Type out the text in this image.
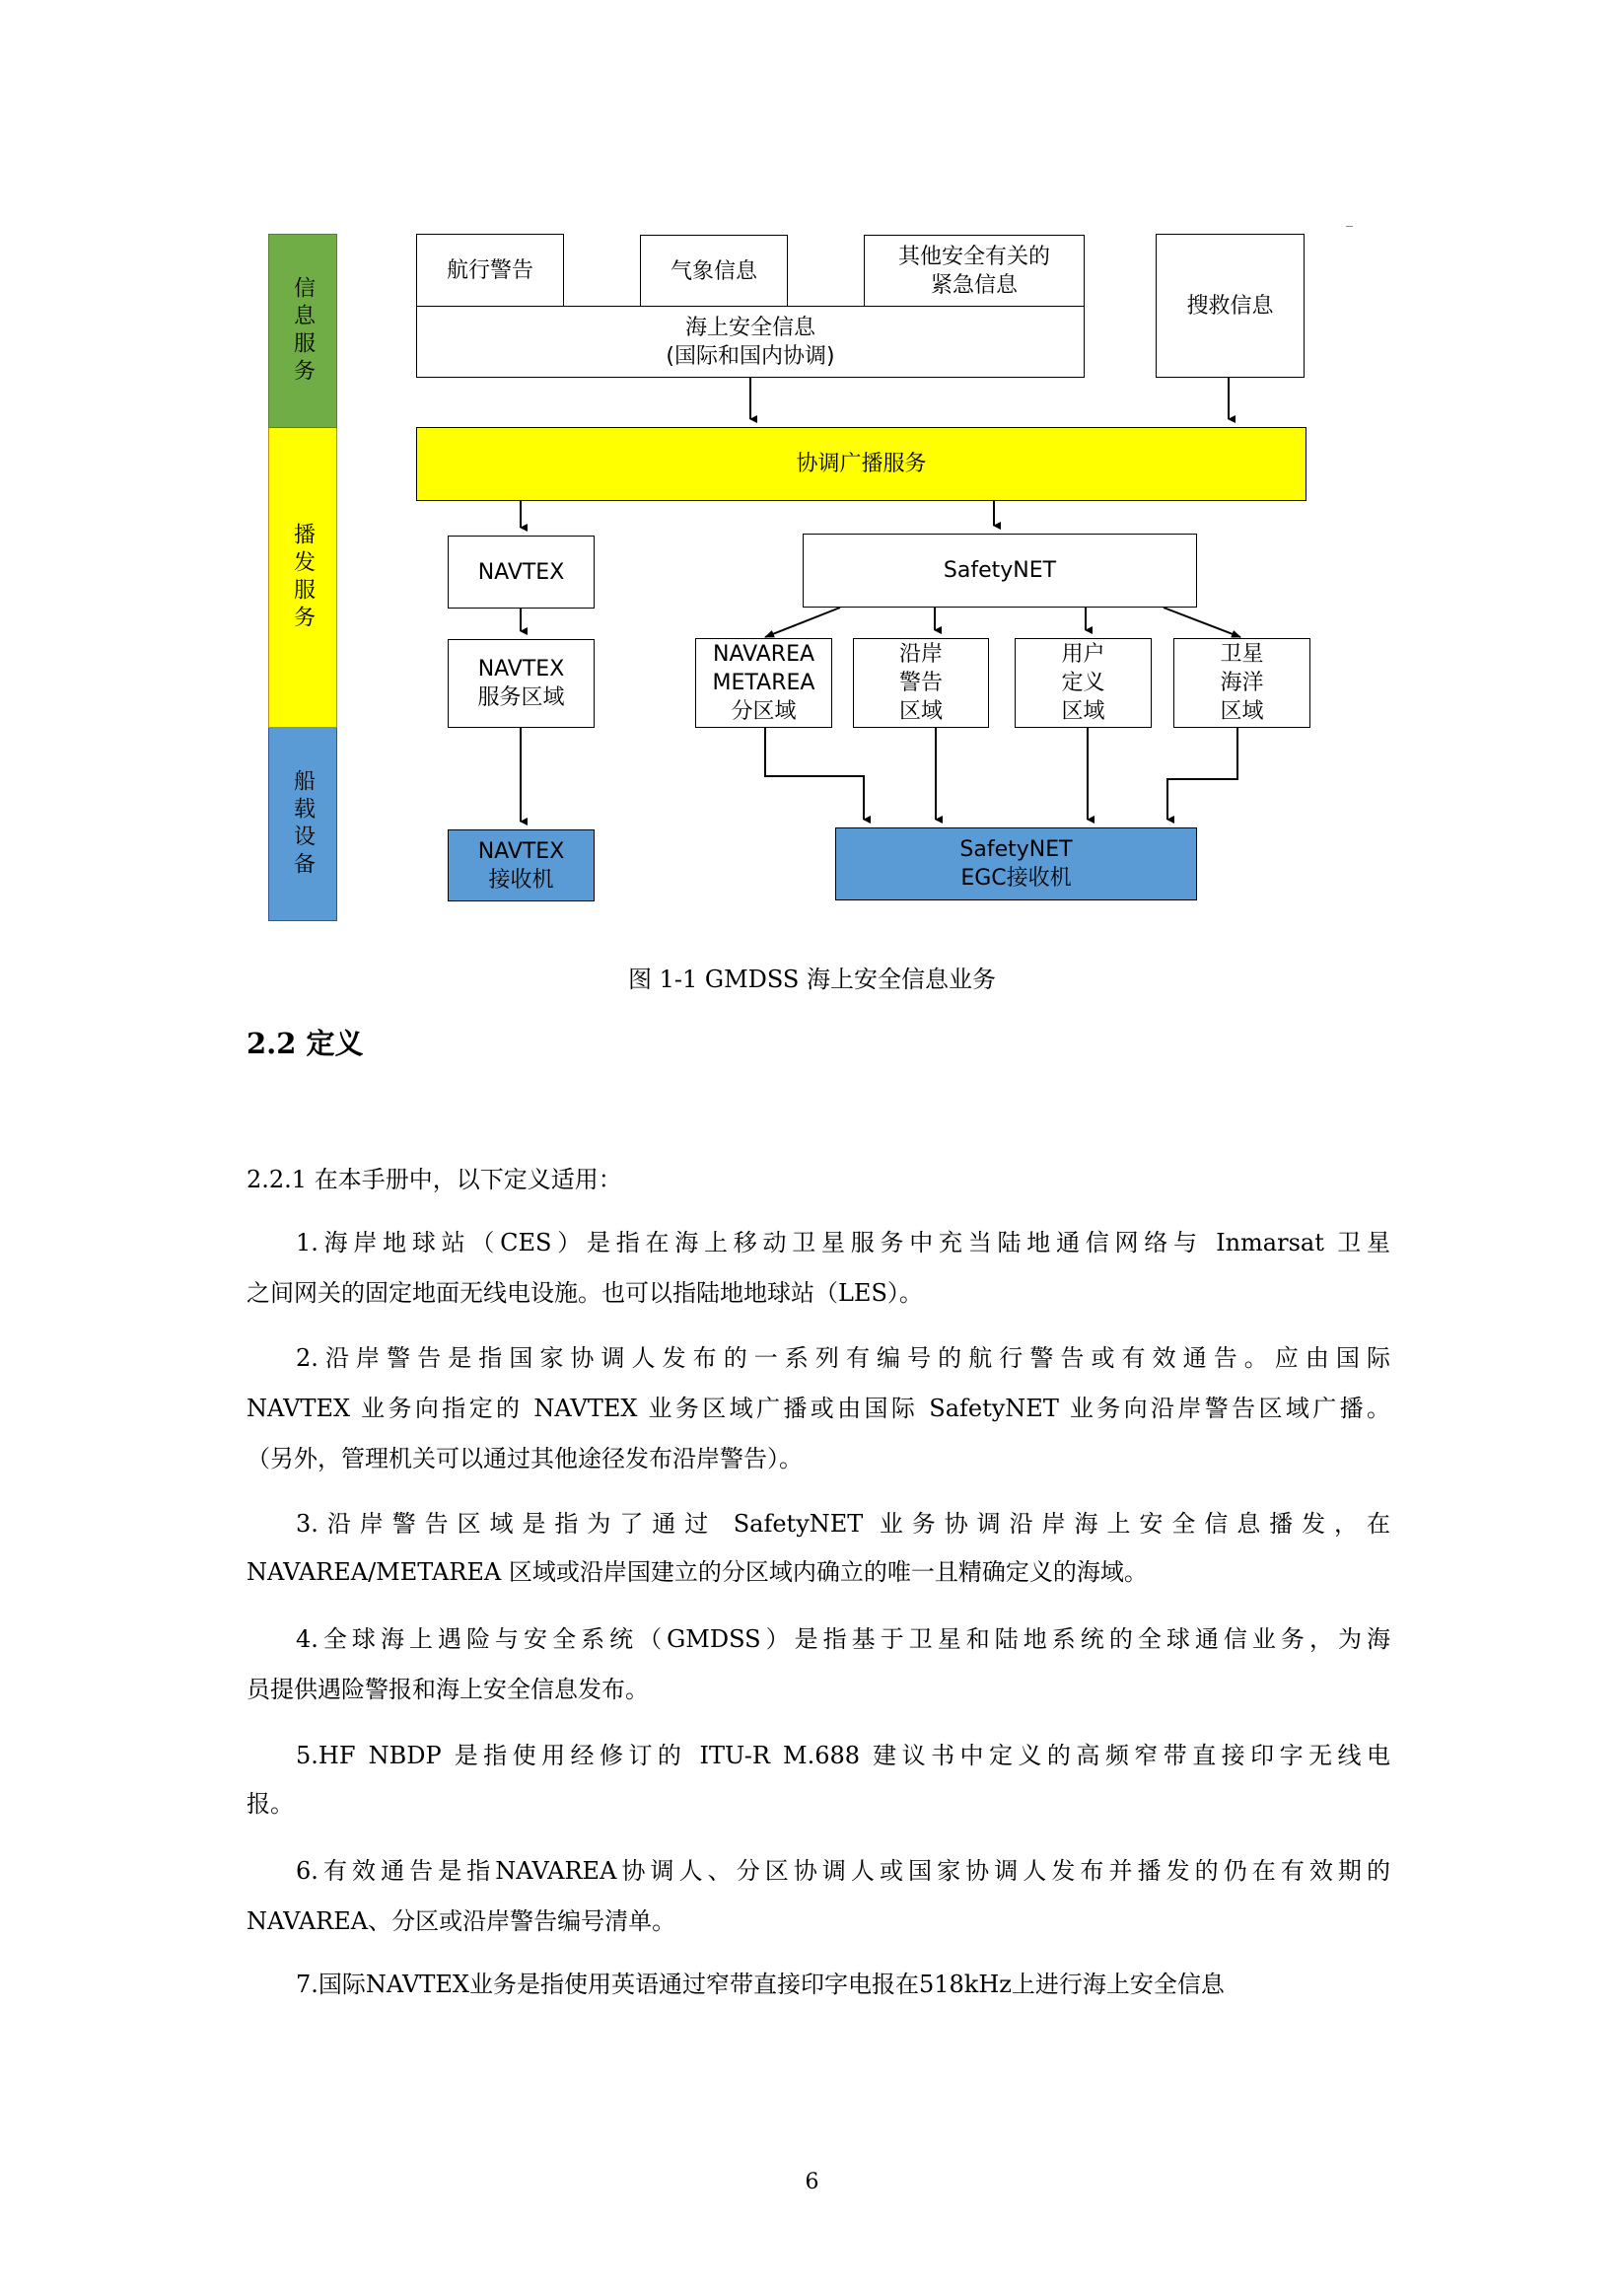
信息服务
播发服务
船载设备
航行警告	气象信息
其他安全有关的
紧急信息
海上安全信息
(国际和国内协调)
搜救信息
协调广播服务
NAVTEX	SafetyNET
NAVTEX
服务区域
NAVAREA
METAREA
分区域
沿岸
警告
区域
用户
定义
区域
卫星
海洋
区域
NAVTEX
接收机
SafetyNET
EGC接收机
图 1-1 GMDSS 海上安全信息业务
2.2 定义
2.2.1 在本手册中，以下定义适用：
1.海岸地球站（CES）是指在海上移动卫星服务中充当陆地通信网络与 Inmarsat 卫星
之间网关的固定地面无线电设施。也可以指陆地地球站（LES）。
2.沿岸警告是指国家协调人发布的一系列有编号的航行警告或有效通告。应由国际
NAVTEX 业务向指定的 NAVTEX 业务区域广播或由国际 SafetyNET 业务向沿岸警告区域广播。
（另外，管理机关可以通过其他途径发布沿岸警告）。
3.沿岸警告区域是指为了通过 SafetyNET 业务协调沿岸海上安全信息播发，在
NAVAREA/METAREA 区域或沿岸国建立的分区域内确立的唯一且精确定义的海域。
4.全球海上遇险与安全系统（GMDSS）是指基于卫星和陆地系统的全球通信业务，为海
员提供遇险警报和海上安全信息发布。
5.HF NBDP 是指使用经修订的 ITU-R M.688 建议书中定义的高频窄带直接印字无线电
报。
6.有效通告是指NAVAREA协调人、分区协调人或国家协调人发布并播发的仍在有效期的
NAVAREA、分区或沿岸警告编号清单。
7.国际NAVTEX业务是指使用英语通过窄带直接印字电报在518kHz上进行海上安全信息
6
